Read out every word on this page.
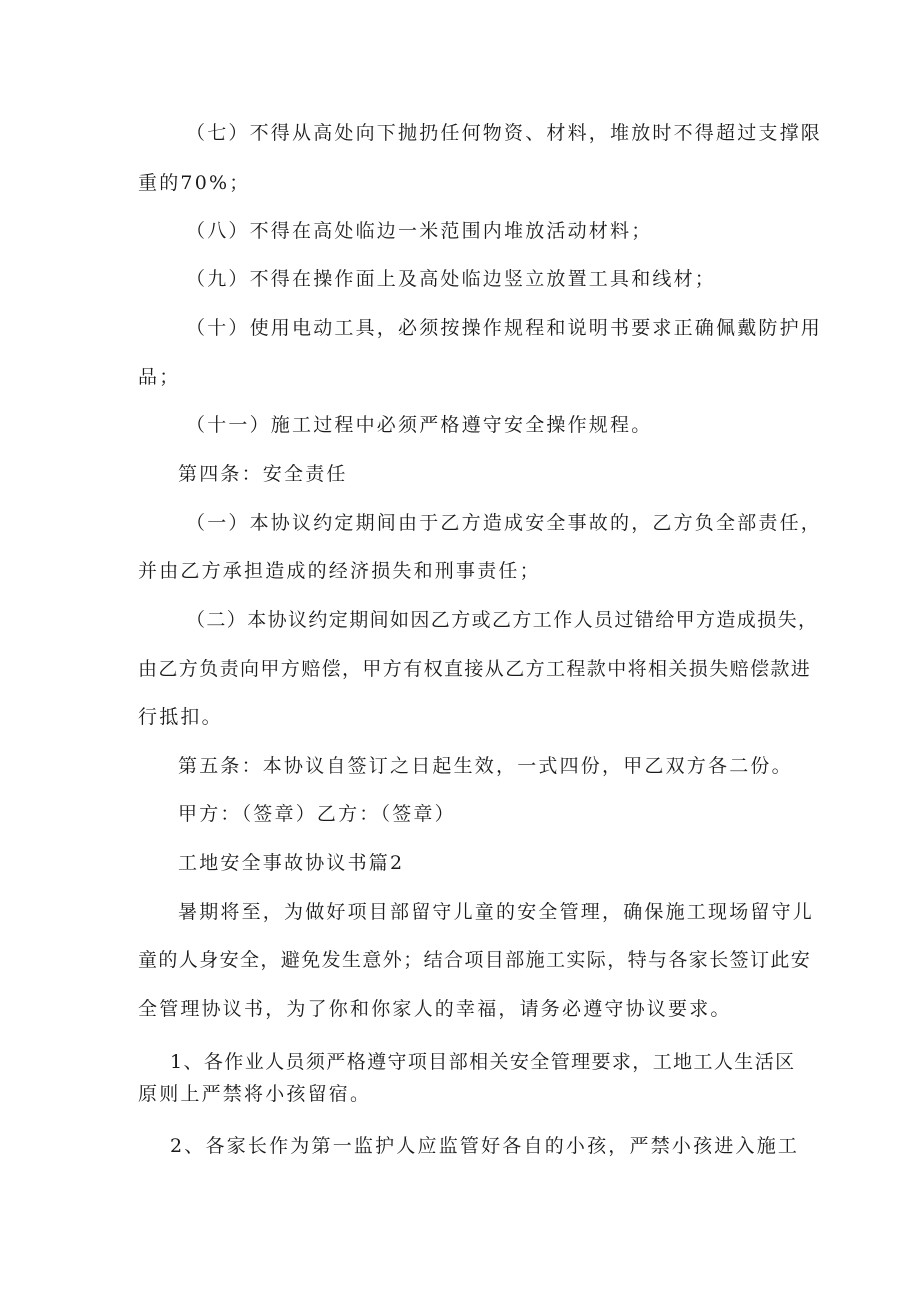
（七）不得从高处向下抛扔任何物资、材料，堆放时不得超过支撑限
重的70%；
（八）不得在高处临边一米范围内堆放活动材料；
（九）不得在操作面上及高处临边竖立放置工具和线材；
（十）使用电动工具，必须按操作规程和说明书要求正确佩戴防护用
品；
（十一）施工过程中必须严格遵守安全操作规程。
第四条：安全责任
（一）本协议约定期间由于乙方造成安全事故的，乙方负全部责任，
并由乙方承担造成的经济损失和刑事责任；
（二）本协议约定期间如因乙方或乙方工作人员过错给甲方造成损失，
由乙方负责向甲方赔偿，甲方有权直接从乙方工程款中将相关损失赔偿款进
行抵扣。
第五条：本协议自签订之日起生效，一式四份，甲乙双方各二份。
甲方：（签章）乙方：（签章）
工地安全事故协议书篇2
暑期将至，为做好项目部留守儿童的安全管理，确保施工现场留守儿
童的人身安全，避免发生意外；结合项目部施工实际，特与各家长签订此安
全管理协议书，为了你和你家人的幸福，请务必遵守协议要求。
1、各作业人员须严格遵守项目部相关安全管理要求，工地工人生活区
原则上严禁将小孩留宿。
2、各家长作为第一监护人应监管好各自的小孩，严禁小孩进入施工
